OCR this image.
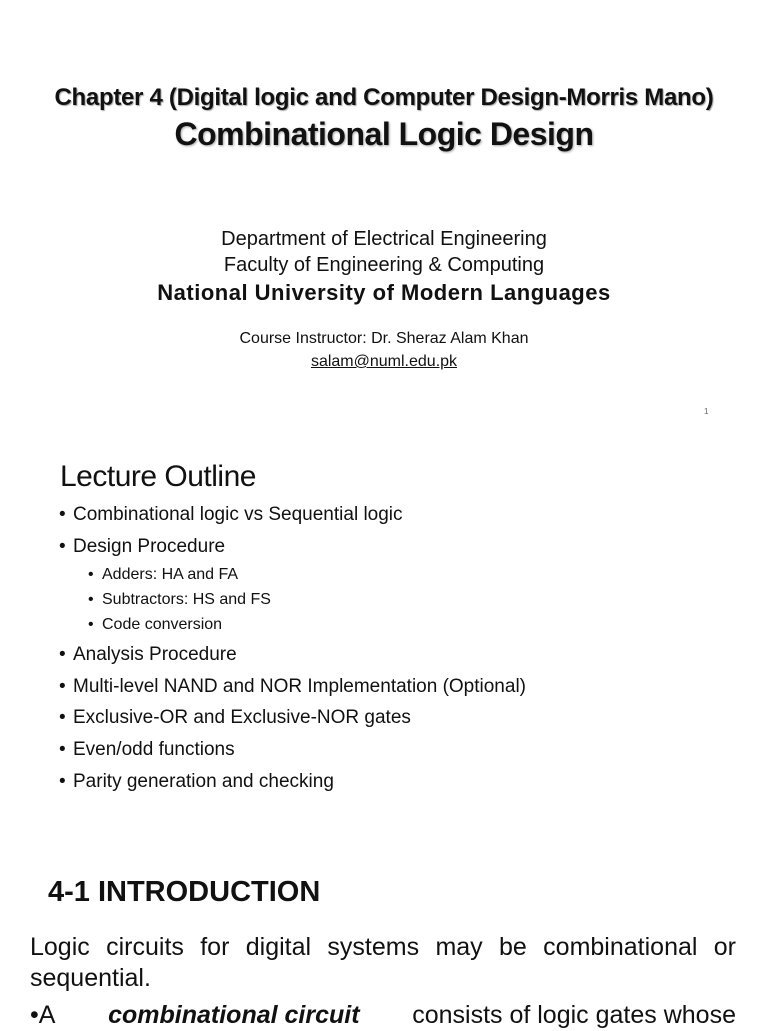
Chapter 4 (Digital logic and Computer Design-Morris Mano)
Combinational Logic Design
Department of Electrical Engineering
Faculty of Engineering & Computing
National University of Modern Languages
Course Instructor: Dr. Sheraz Alam Khan
salam@numl.edu.pk
1
Lecture Outline
• Combinational logic vs Sequential logic
• Design Procedure
• Adders: HA and FA
• Subtractors: HS and FS
• Code conversion
• Analysis Procedure
• Multi-level NAND and NOR Implementation (Optional)
• Exclusive-OR and Exclusive-NOR gates
• Even/odd functions
• Parity generation and checking
4-1 INTRODUCTION
Logic circuits for digital systems may be combinational or
sequential.
•A combinational circuit consists of logic gates whose
